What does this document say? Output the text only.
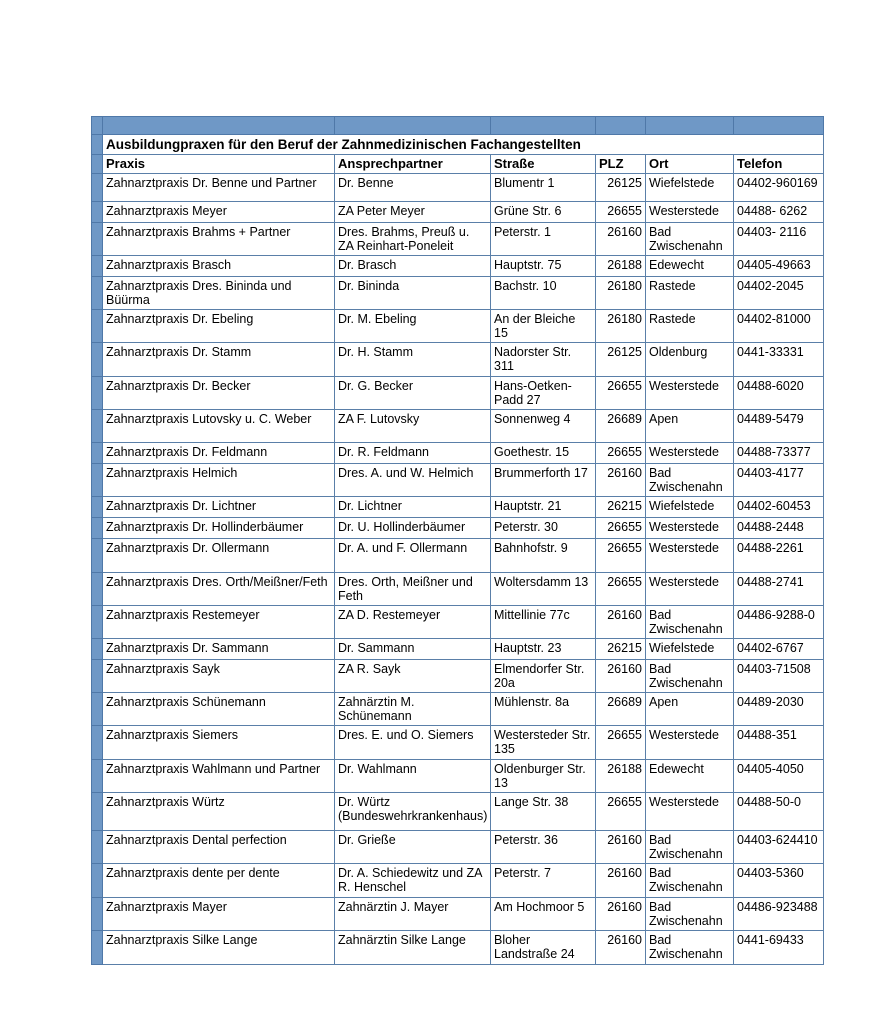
	Ausbildungpraxen für den Beruf der Zahnmedizinischen Fachangestellten					
	Praxis	Ansprechpartner	Straße	PLZ	Ort	Telefon

	Zahnarztpraxis Dr. Benne und Partner	Dr. Benne	Blumentr 1	26125	Wiefelstede	04402-960169

	Zahnarztpraxis Meyer	ZA Peter Meyer	Grüne Str. 6	26655	Westerstede	04488- 6262

	Zahnarztpraxis Brahms + Partner	Dres. Brahms, Preuß u. ZA Reinhart-Poneleit	Peterstr. 1	26160	Bad Zwischenahn	04403- 2116

	Zahnarztpraxis Brasch	Dr. Brasch	Hauptstr. 75	26188	Edewecht	04405-49663

	Zahnarztpraxis Dres. Bininda und Büürma	Dr. Bininda	Bachstr. 10	26180	Rastede	04402-2045

	Zahnarztpraxis Dr. Ebeling	Dr. M. Ebeling	An der Bleiche 15	26180	Rastede	04402-81000

	Zahnarztpraxis Dr. Stamm	Dr. H. Stamm	Nadorster Str. 311	26125	Oldenburg	0441-33331

	Zahnarztpraxis Dr. Becker	Dr. G. Becker	Hans-Oetken-Padd 27	26655	Westerstede	04488-6020

	Zahnarztpraxis Lutovsky u. C. Weber	ZA F. Lutovsky	Sonnenweg 4	26689	Apen	04489-5479

	Zahnarztpraxis Dr. Feldmann	Dr. R. Feldmann	Goethestr. 15	26655	Westerstede	04488-73377

	Zahnarztpraxis Helmich	Dres. A. und W. Helmich	Brummerforth 17	26160	Bad Zwischenahn	04403-4177

	Zahnarztpraxis Dr. Lichtner	Dr. Lichtner	Hauptstr. 21	26215	Wiefelstede	04402-60453

	Zahnarztpraxis Dr. Hollinderbäumer	Dr. U. Hollinderbäumer	Peterstr. 30	26655	Westerstede	04488-2448

	Zahnarztpraxis Dr. Ollermann	Dr. A. und F. Ollermann	Bahnhofstr. 9	26655	Westerstede	04488-2261

	Zahnarztpraxis Dres. Orth/Meißner/Feth	Dres. Orth, Meißner und Feth	Woltersdamm 13	26655	Westerstede	04488-2741

	Zahnarztpraxis Restemeyer	ZA D. Restemeyer	Mittellinie 77c	26160	Bad Zwischenahn	04486-9288-0

	Zahnarztpraxis Dr. Sammann	Dr. Sammann	Hauptstr. 23	26215	Wiefelstede	04402-6767

	Zahnarztpraxis Sayk	ZA R. Sayk	Elmendorfer Str. 20a	26160	Bad Zwischenahn	04403-71508

	Zahnarztpraxis Schünemann	Zahnärztin M. Schünemann	Mühlenstr. 8a	26689	Apen	04489-2030

	Zahnarztpraxis Siemers	Dres. E. und O. Siemers	Westersteder Str. 135	26655	Westerstede	04488-351

	Zahnarztpraxis Wahlmann und Partner	Dr. Wahlmann	Oldenburger Str. 13	26188	Edewecht	04405-4050

	Zahnarztpraxis Würtz	Dr. Würtz (Bundeswehrkrankenhaus)	Lange Str. 38	26655	Westerstede	04488-50-0

	Zahnarztpraxis Dental perfection	Dr. Grieße	Peterstr. 36	26160	Bad Zwischenahn	04403-624410

	Zahnarztpraxis dente per dente	Dr. A. Schiedewitz und ZA R. Henschel	Peterstr. 7	26160	Bad Zwischenahn	04403-5360

	Zahnarztpraxis Mayer	Zahnärztin J. Mayer	Am Hochmoor 5	26160	Bad Zwischenahn	04486-923488

	Zahnarztpraxis Silke Lange	Zahnärztin Silke Lange	Bloher Landstraße 24	26160	Bad Zwischenahn	0441-69433
